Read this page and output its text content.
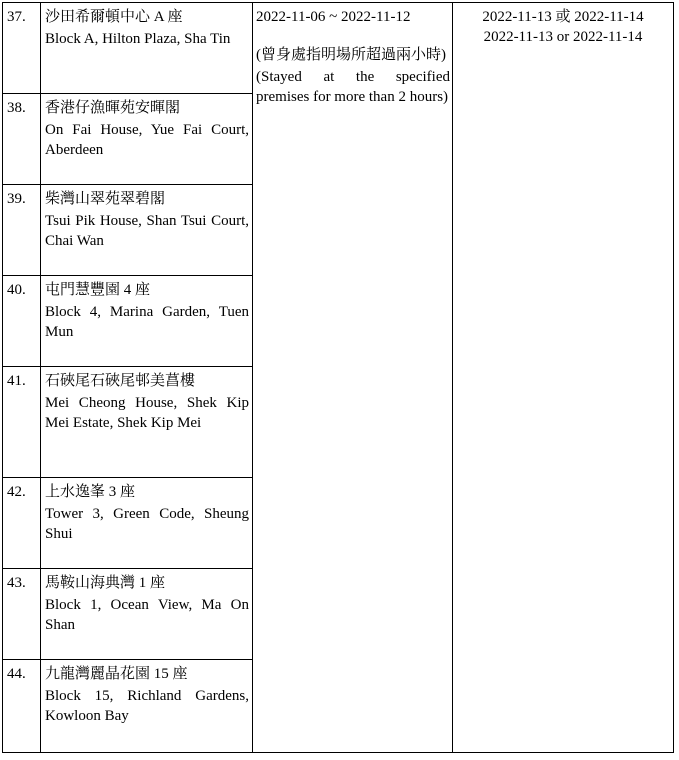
37.	沙田希爾頓中心 A 座
Block A, Hilton Plaza, Sha Tin	2022-11-06 ~ 2022-11-12
(曾身處指明場所超過兩小時)
(Stayed at the specified premises for more than 2 hours)	2022-11-13 或 2022-11-14
2022-11-13 or 2022-11-14

38.	香港仔漁暉苑安暉閣
On Fai House, Yue Fai Court, Aberdeen		

39.	柴灣山翠苑翠碧閣
Tsui Pik House, Shan Tsui Court, Chai Wan		

40.	屯門慧豐園 4 座
Block 4, Marina Garden, Tuen Mun		

41.	石硤尾石硤尾邨美菖樓
Mei Cheong House, Shek Kip Mei Estate, Shek Kip Mei		

42.	上水逸峯 3 座
Tower 3, Green Code, Sheung Shui		

43.	馬鞍山海典灣 1 座
Block 1, Ocean View, Ma On Shan		

44.	九龍灣麗晶花園 15 座
Block 15, Richland Gardens, Kowloon Bay		
